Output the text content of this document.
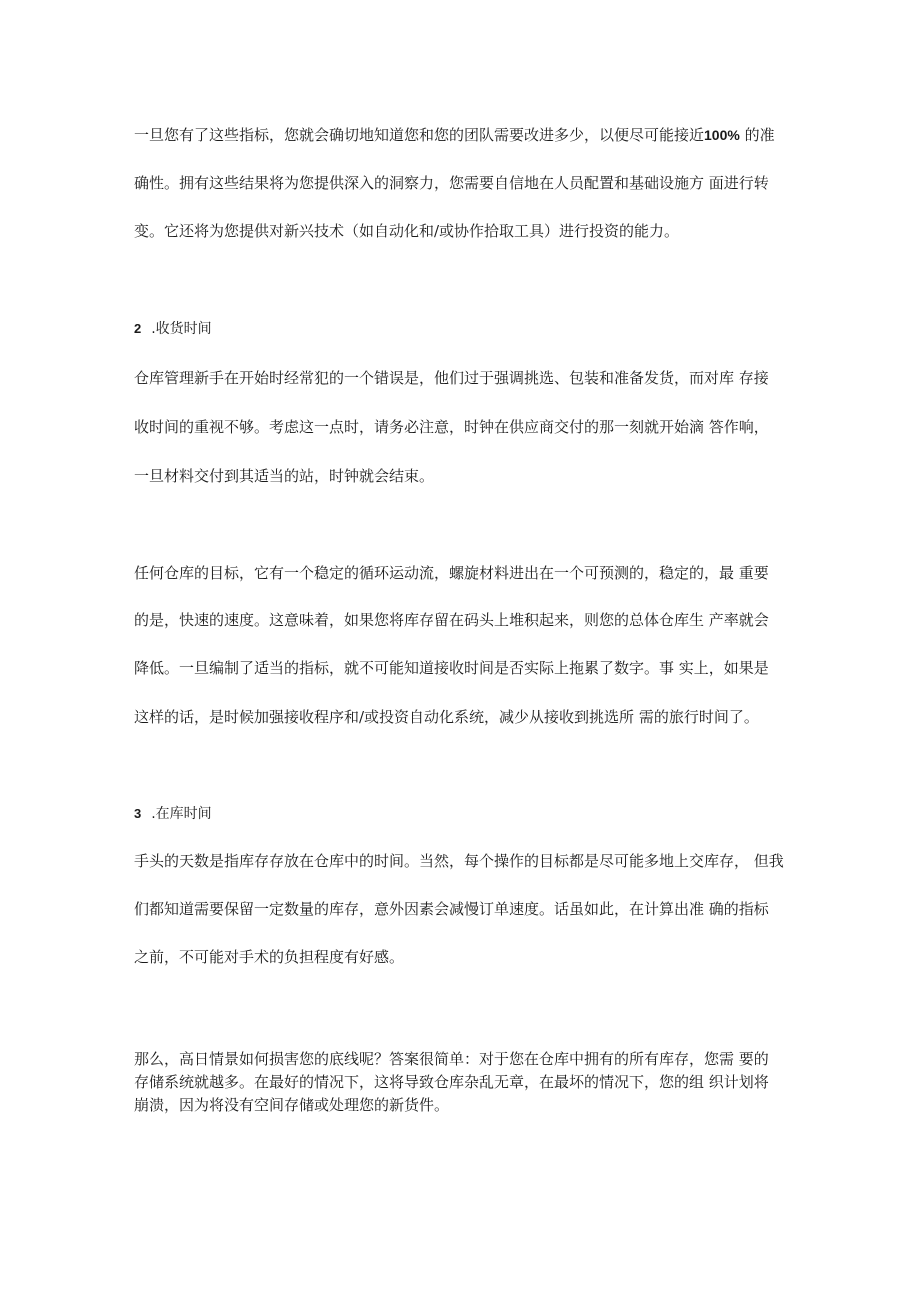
一旦您有了这些指标，您就会确切地知道您和您的团队需要改进多少，以便尽可能接近100% 的准
确性。拥有这些结果将为您提供深入的洞察力，您需要自信地在人员配置和基础设施方 面进行转
变。它还将为您提供对新兴技术（如自动化和/或协作拾取工具）进行投资的能力。
2 .收货时间
仓库管理新手在开始时经常犯的一个错误是，他们过于强调挑选、包装和准备发货，而对库 存接
收时间的重视不够。考虑这一点时，请务必注意，时钟在供应商交付的那一刻就开始滴 答作响，
一旦材料交付到其适当的站，时钟就会结束。
任何仓库的目标，它有一个稳定的循环运动流，螺旋材料进出在一个可预测的，稳定的，最 重要
的是，快速的速度。这意味着，如果您将库存留在码头上堆积起来，则您的总体仓库生 产率就会
降低。一旦编制了适当的指标，就不可能知道接收时间是否实际上拖累了数字。事 实上，如果是
这样的话，是时候加强接收程序和/或投资自动化系统，减少从接收到挑选所 需的旅行时间了。
3 .在库时间
手头的天数是指库存存放在仓库中的时间。当然，每个操作的目标都是尽可能多地上交库存， 但我
们都知道需要保留一定数量的库存，意外因素会减慢订单速度。话虽如此，在计算出准 确的指标
之前，不可能对手术的负担程度有好感。
那么，高日情景如何损害您的底线呢？答案很简单：对于您在仓库中拥有的所有库存，您需 要的
存储系统就越多。在最好的情况下，这将导致仓库杂乱无章，在最坏的情况下，您的组 织计划将
崩溃，因为将没有空间存储或处理您的新货件。
